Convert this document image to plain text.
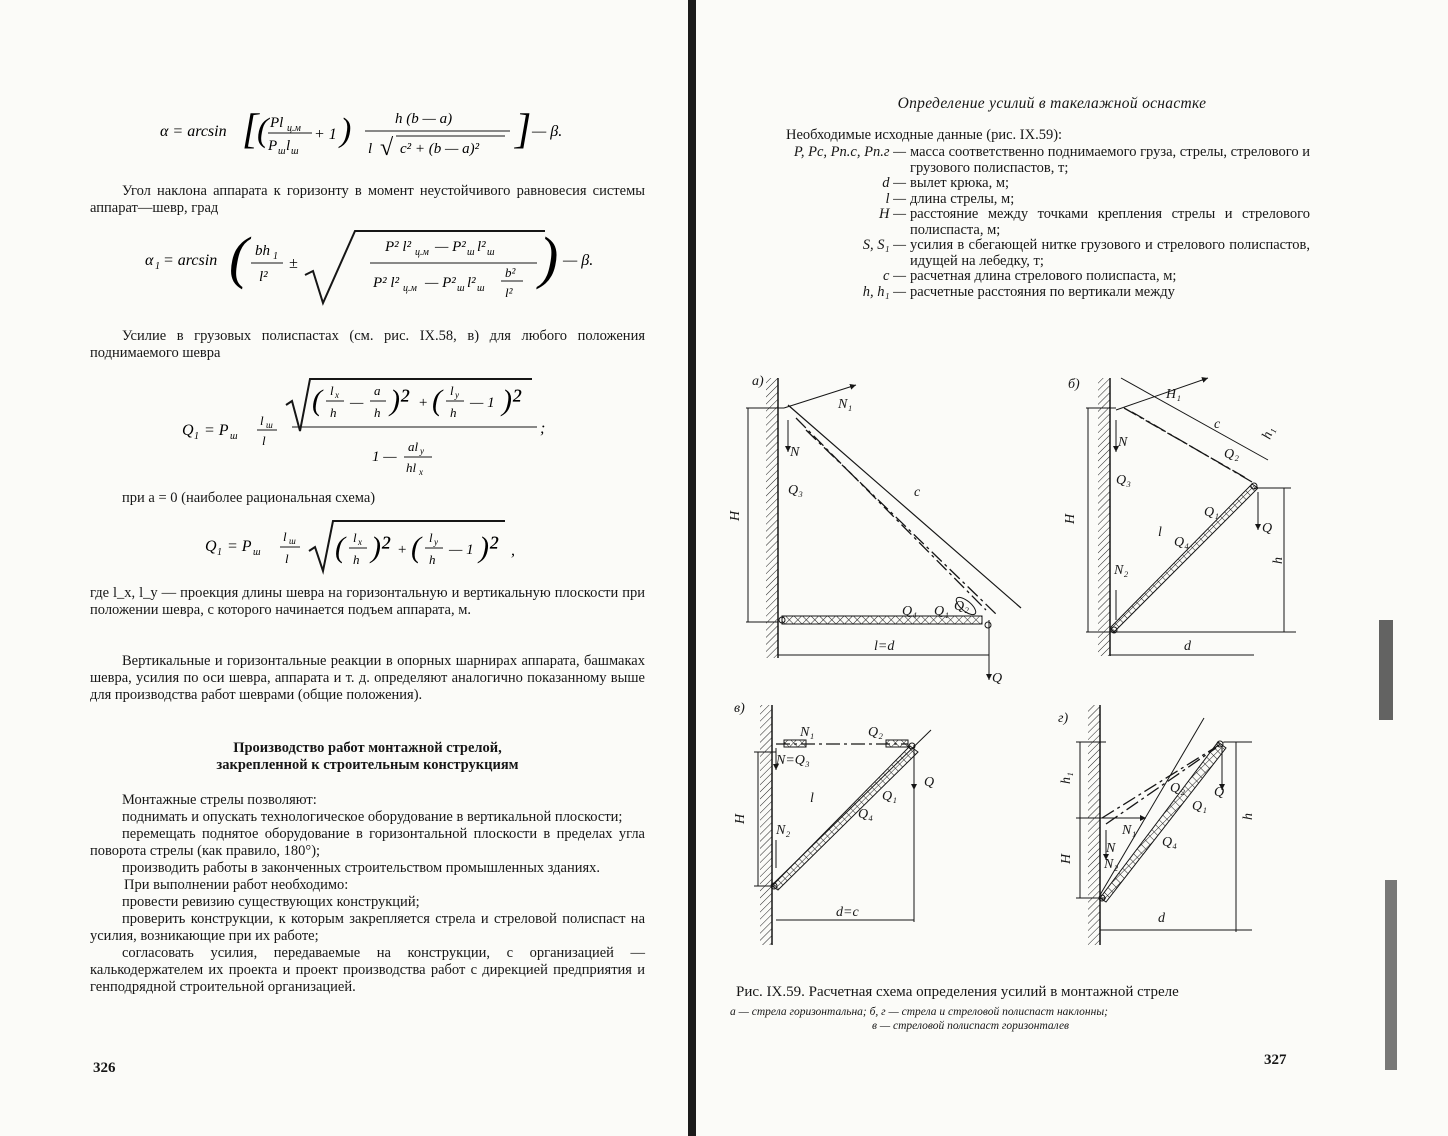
α = arcsin [
( Pl ц.м
P ш l ш
+ 1 )	h (b — a)
l √ c² + (b — a)² ] — β.
Угол наклона аппарата к горизонту в момент неустойчивого равновесия системы аппарат—шевр, град
α 1 = arcsin ( bh 1
l²
±
P² l² ц.м — P² ш l² ш
P² l² ц.м — P² ш l² ш
b²
l²
) — β.
Усилие в грузовых полиспастах (см. рис. IX.58, в) для любого положения поднимаемого шевра
Q 1 = P ш
l ш
l
( l x
h
—
a
h )² + ( l y
h
— 1 )²
1 —
al y
hl x
;
при a = 0 (наиболее рациональная схема)
Q 1 = P ш
l ш
l ( l x
h )² + ( l y
h
— 1 )² ,
где l_x, l_y — проекция длины шевра на горизонтальную и вертикальную плоскости при положении шевра, с которого начинается подъем аппарата, м.
Вертикальные и горизонтальные реакции в опорных шарнирах аппарата, башмаках шевра, усилия по оси шевра, аппарата и т. д. определяют аналогично показанному выше для производства работ шеврами (общие положения).
Производство работ монтажной стрелой,
закрепленной к строительным конструкциям
Монтажные стрелы позволяют:
поднимать и опускать технологическое оборудование в вертикальной плоскости;
перемещать поднятое оборудование в горизонтальной плоскости в пределах угла поворота стрелы (как правило, 180°);
производить работы в законченных строительством промышленных зданиях.
При выполнении работ необходимо:
провести ревизию существующих конструкций;
проверить конструкции, к которым закрепляется стрела и стреловой полиспаст на усилия, возникающие при их работе;
согласовать усилия, передаваемые на конструкции, с организацией — калькодержателем их проекта и проект производства работ с дирекцией предприятия и генподрядной строительной организацией.
326
Определение усилий в такелажной оснастке
Необходимые исходные данные (рис. IX.59):
P, Pc, Pп.c, Pп.г — масса соответственно поднимаемого груза, стрелы, стрелового и грузового полиспастов, т;
d — вылет крюка, м;
l — длина стрелы, м;
H — расстояние между точками крепления стрелы и стрелового полиспаста, м;
S, S₁ — усилия в сбегающей нитке грузового и стрелового полиспастов, идущей на лебедку, т;
c — расчетная длина стрелового полиспаста, м;
h, h₁ — расчетные расстояния по вертикали между
а)
N₁
N
Q₃
H
c
Q₄ Q₁ Q₂
l=d
Q
б)
H₁
c
h₁
N
Q₃
Q₂
Q₁
Q
H
l
Q₄
h
N₂
d
в)
N₁	Q₂
N=Q₃
Q
Q₁
H
l
Q₄
N₂
d=c
г)
h₁
Q₂ Q
Q₁
h
N₁
N	Q₄
H N₂
d
Рис. IX.59. Расчетная схема определения усилий в монтажной стреле
а — стрела горизонтальна; б, г — стрела и стреловой полиспаст наклонны;
в — стреловой полиспаст горизонталев
327
